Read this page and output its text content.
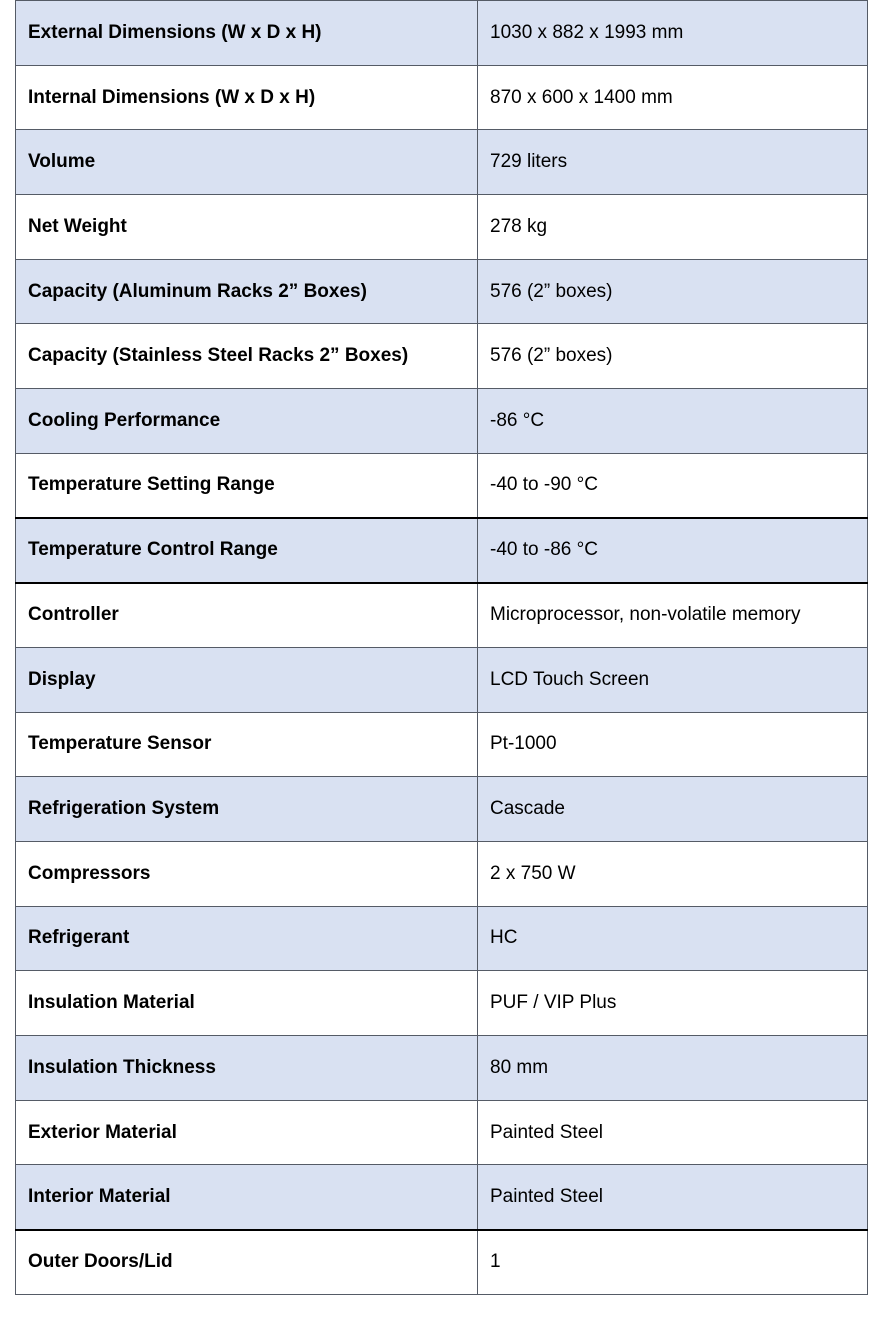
External Dimensions (W x D x H)	1030 x 882 x 1993 mm
Internal Dimensions (W x D x H)	870 x 600 x 1400 mm
Volume	729 liters
Net Weight	278 kg
Capacity (Aluminum Racks 2” Boxes)	576 (2” boxes)
Capacity (Stainless Steel Racks 2” Boxes)	576 (2” boxes)
Cooling Performance	-86 °C
Temperature Setting Range	-40 to -90 °C
Temperature Control Range	-40 to -86 °C
Controller	Microprocessor, non-volatile memory
Display	LCD Touch Screen
Temperature Sensor	Pt-1000
Refrigeration System	Cascade
Compressors	2 x 750 W
Refrigerant	HC
Insulation Material	PUF / VIP Plus
Insulation Thickness	80 mm
Exterior Material	Painted Steel
Interior Material	Painted Steel
Outer Doors/Lid	1
